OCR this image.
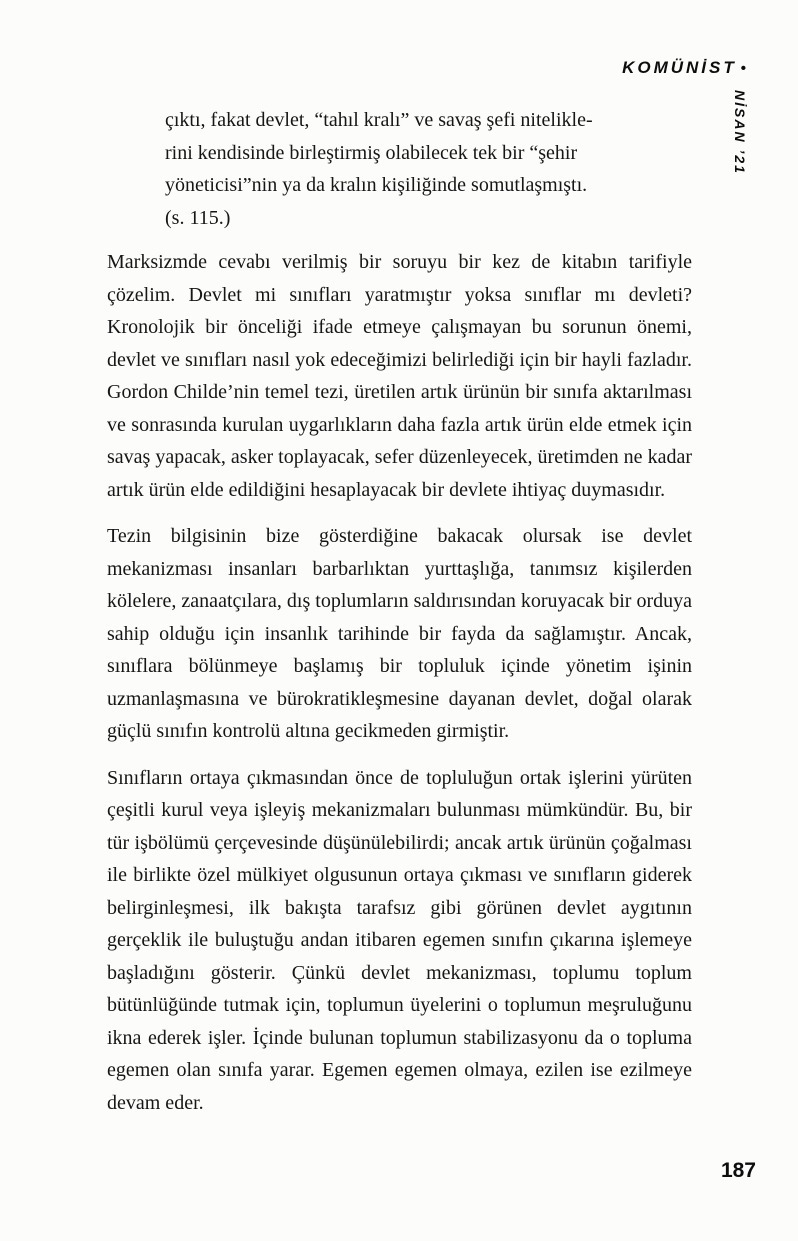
KOMÜNİST •
NİSAN ’21
çıktı, fakat devlet, “tahıl kralı” ve savaş şefi nitelikle-
rini kendisinde birleştirmiş olabilecek tek bir “şehir
yöneticisi”nin ya da kralın kişiliğinde somutlaşmıştı.
(s. 115.)

Marksizmde cevabı verilmiş bir soruyu bir kez de kitabın tarifiyle çözelim. Devlet mi sınıfları yaratmıştır yoksa sınıflar mı devleti? Kronolojik bir önceliği ifade etmeye çalışmayan bu sorunun önemi, devlet ve sınıfları nasıl yok edeceğimizi belirlediği için bir hayli fazladır. Gordon Childe’nin temel tezi, üretilen artık ürünün bir sınıfa aktarılması ve sonrasında kurulan uygarlıkların daha fazla artık ürün elde etmek için savaş yapacak, asker toplayacak, sefer düzenleyecek, üretimden ne kadar artık ürün elde edildiğini hesaplayacak bir devlete ihtiyaç duymasıdır.

Tezin bilgisinin bize gösterdiğine bakacak olursak ise devlet mekanizması insanları barbarlıktan yurttaşlığa, tanımsız kişilerden kölelere, zanaatçılara, dış toplumların saldırısından koruyacak bir orduya sahip olduğu için insanlık tarihinde bir fayda da sağlamıştır. Ancak, sınıflara bölünmeye başlamış bir topluluk içinde yönetim işinin uzmanlaşmasına ve bürokratikleşmesine dayanan devlet, doğal olarak güçlü sınıfın kontrolü altına gecikmeden girmiştir.

Sınıfların ortaya çıkmasından önce de topluluğun ortak işlerini yürüten çeşitli kurul veya işleyiş mekanizmaları bulunması mümkündür. Bu, bir tür işbölümü çerçevesinde düşünülebilirdi; ancak artık ürünün çoğalması ile birlikte özel mülkiyet olgusunun ortaya çıkması ve sınıfların giderek belirginleşmesi, ilk bakışta tarafsız gibi görünen devlet aygıtının gerçeklik ile buluştuğu andan itibaren egemen sınıfın çıkarına işlemeye başladığını gösterir. Çünkü devlet mekanizması, toplumu toplum bütünlüğünde tutmak için, toplumun üyelerini o toplumun meşruluğunu ikna ederek işler. İçinde bulunan toplumun stabilizasyonu da o topluma egemen olan sınıfa yarar. Egemen egemen olmaya, ezilen ise ezilmeye devam eder.

187
